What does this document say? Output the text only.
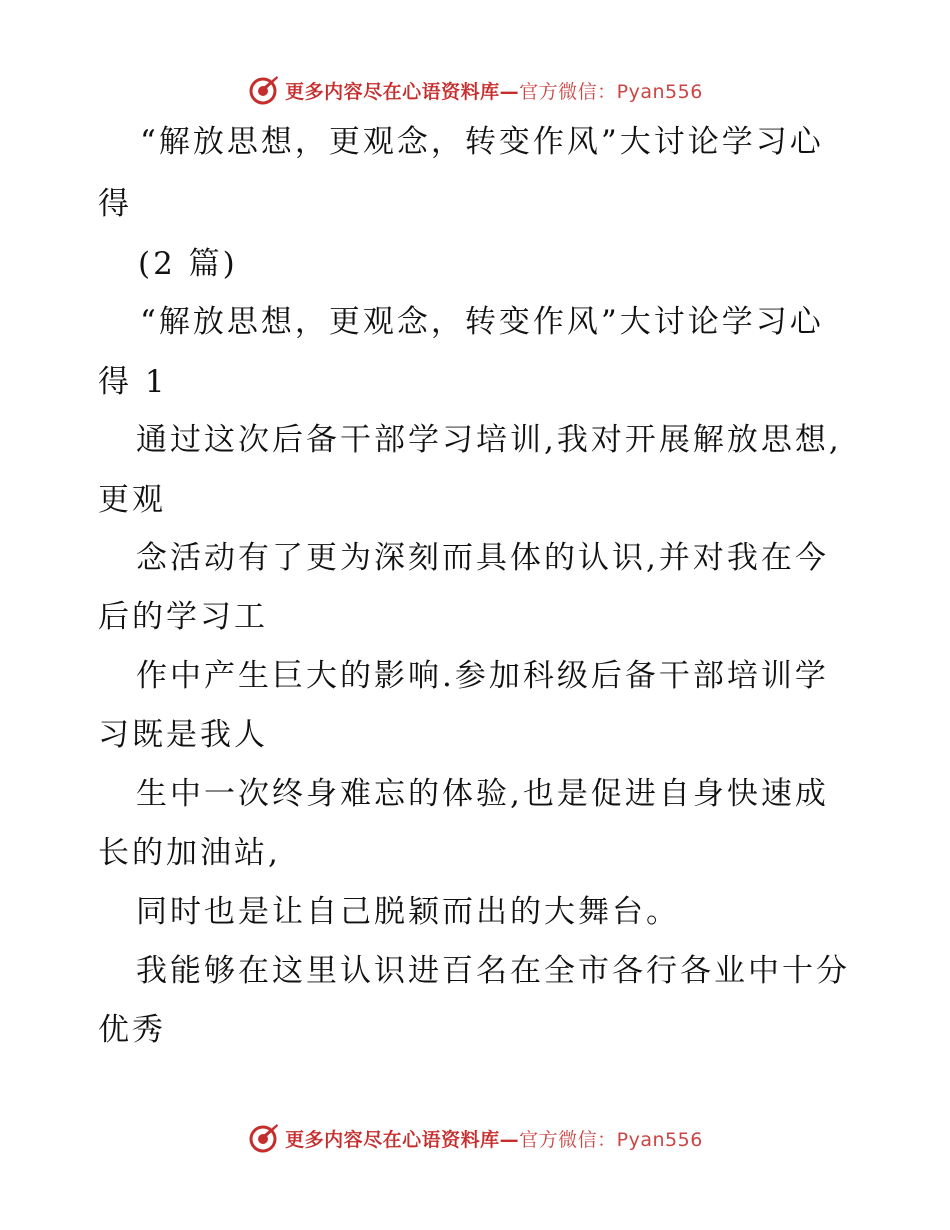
更多内容尽在心语资料库—官方微信：Pyan556
“解放思想，更观念，转变作风”大讨论学习心
得
(2 篇)
“解放思想，更观念，转变作风”大讨论学习心
得 1
通过这次后备干部学习培训,我对开展解放思想,
更观
念活动有了更为深刻而具体的认识,并对我在今
后的学习工
作中产生巨大的影响.参加科级后备干部培训学
习既是我人
生中一次终身难忘的体验,也是促进自身快速成
长的加油站,
同时也是让自己脱颖而出的大舞台。
我能够在这里认识进百名在全市各行各业中十分
优秀
更多内容尽在心语资料库—官方微信：Pyan556
